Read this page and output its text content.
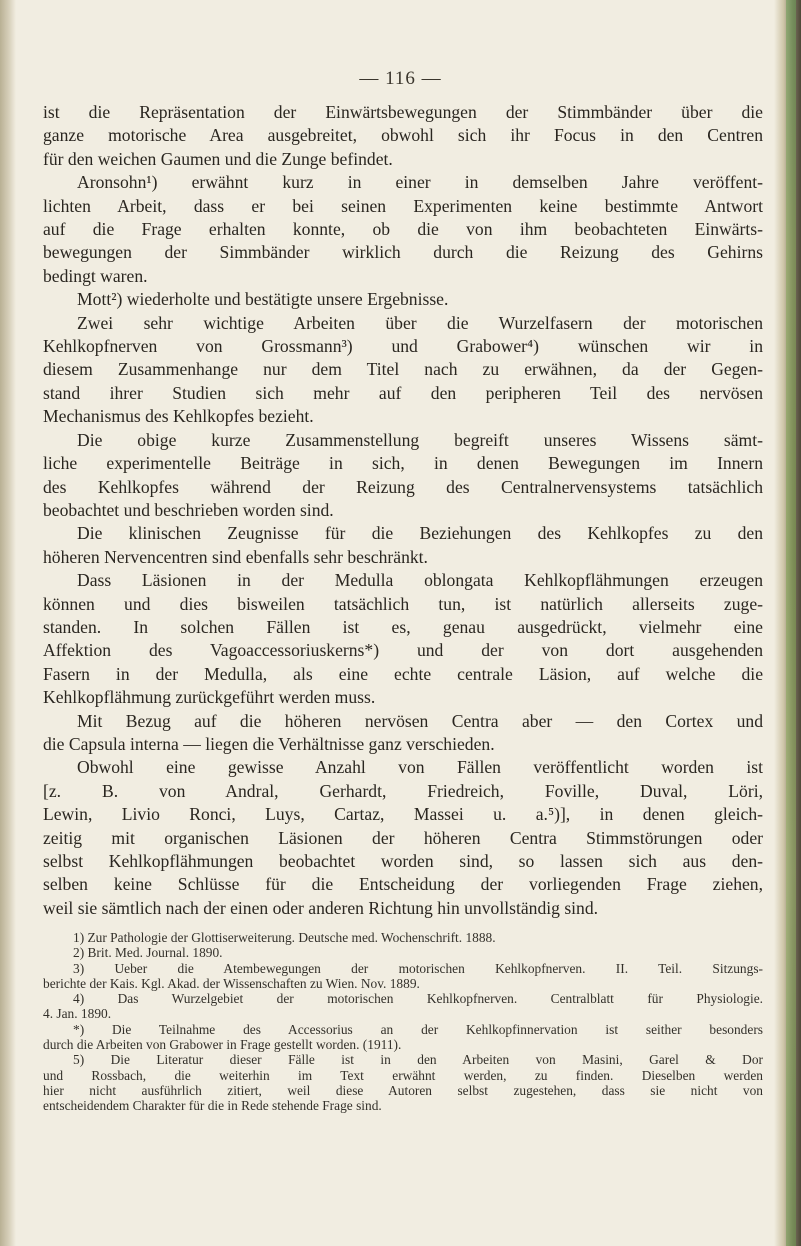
— 116 —
ist die Repräsentation der Einwärtsbewegungen der Stimmbänder über die
ganze motorische Area ausgebreitet, obwohl sich ihr Focus in den Centren
für den weichen Gaumen und die Zunge befindet.
Aronsohn¹) erwähnt kurz in einer in demselben Jahre veröffent-
lichten Arbeit, dass er bei seinen Experimenten keine bestimmte Antwort
auf die Frage erhalten konnte, ob die von ihm beobachteten Einwärts-
bewegungen der Simmbänder wirklich durch die Reizung des Gehirns
bedingt waren.
Mott²) wiederholte und bestätigte unsere Ergebnisse.
Zwei sehr wichtige Arbeiten über die Wurzelfasern der motorischen
Kehlkopfnerven von Grossmann³) und Grabower⁴) wünschen wir in
diesem Zusammenhange nur dem Titel nach zu erwähnen, da der Gegen-
stand ihrer Studien sich mehr auf den peripheren Teil des nervösen
Mechanismus des Kehlkopfes bezieht.
Die obige kurze Zusammenstellung begreift unseres Wissens sämt-
liche experimentelle Beiträge in sich, in denen Bewegungen im Innern
des Kehlkopfes während der Reizung des Centralnervensystems tatsächlich
beobachtet und beschrieben worden sind.
Die klinischen Zeugnisse für die Beziehungen des Kehlkopfes zu den
höheren Nervencentren sind ebenfalls sehr beschränkt.
Dass Läsionen in der Medulla oblongata Kehlkopflähmungen erzeugen
können und dies bisweilen tatsächlich tun, ist natürlich allerseits zuge-
standen. In solchen Fällen ist es, genau ausgedrückt, vielmehr eine
Affektion des Vagoaccessoriuskerns*) und der von dort ausgehenden
Fasern in der Medulla, als eine echte centrale Läsion, auf welche die
Kehlkopflähmung zurückgeführt werden muss.
Mit Bezug auf die höheren nervösen Centra aber — den Cortex und
die Capsula interna — liegen die Verhältnisse ganz verschieden.
Obwohl eine gewisse Anzahl von Fällen veröffentlicht worden ist
[z. B. von Andral, Gerhardt, Friedreich, Foville, Duval, Löri,
Lewin, Livio Ronci, Luys, Cartaz, Massei u. a.⁵)], in denen gleich-
zeitig mit organischen Läsionen der höheren Centra Stimmstörungen oder
selbst Kehlkopflähmungen beobachtet worden sind, so lassen sich aus den-
selben keine Schlüsse für die Entscheidung der vorliegenden Frage ziehen,
weil sie sämtlich nach der einen oder anderen Richtung hin unvollständig sind.
1) Zur Pathologie der Glottiserweiterung. Deutsche med. Wochenschrift. 1888.
2) Brit. Med. Journal. 1890.
3) Ueber die Atembewegungen der motorischen Kehlkopfnerven. II. Teil. Sitzungs-
berichte der Kais. Kgl. Akad. der Wissenschaften zu Wien. Nov. 1889.
4) Das Wurzelgebiet der motorischen Kehlkopfnerven. Centralblatt für Physiologie.
4. Jan. 1890.
*) Die Teilnahme des Accessorius an der Kehlkopfinnervation ist seither besonders
durch die Arbeiten von Grabower in Frage gestellt worden. (1911).
5) Die Literatur dieser Fälle ist in den Arbeiten von Masini, Garel & Dor
und Rossbach, die weiterhin im Text erwähnt werden, zu finden. Dieselben werden
hier nicht ausführlich zitiert, weil diese Autoren selbst zugestehen, dass sie nicht von
entscheidendem Charakter für die in Rede stehende Frage sind.
